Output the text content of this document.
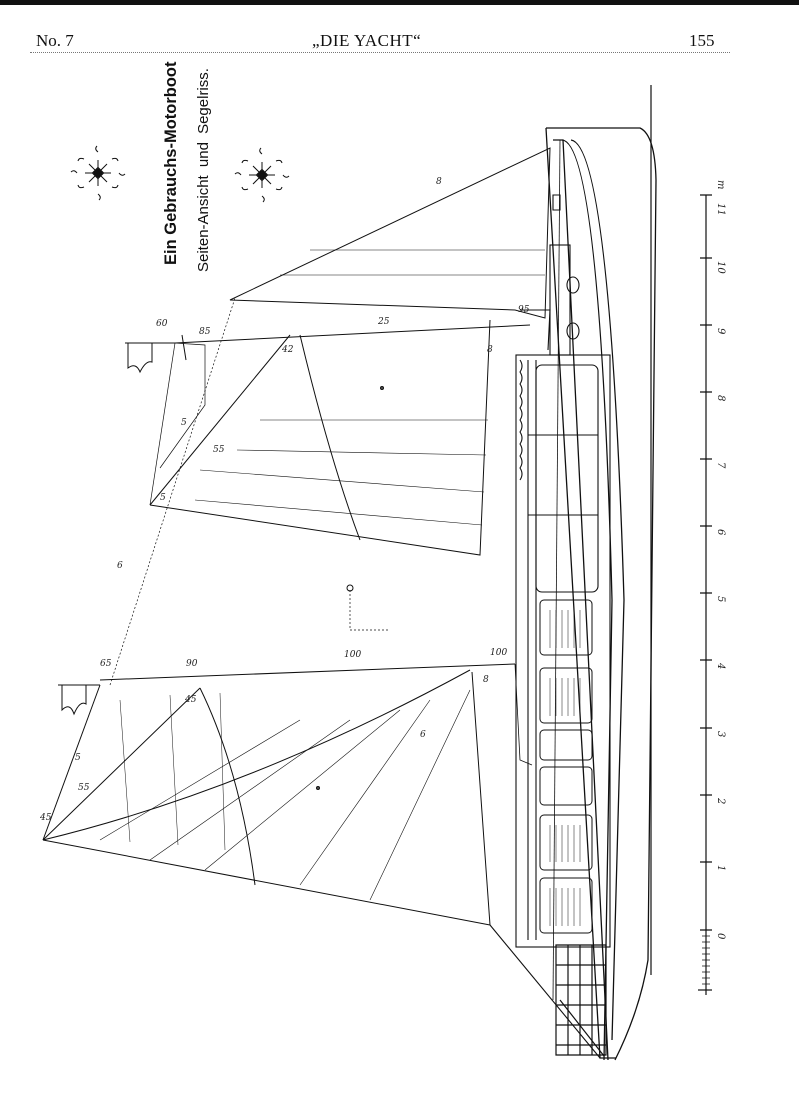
No. 7	„DIE YACHT“	155
Ein Gebrauchs-Motorboot	Seiten-Ansicht und Segelriss.
60
85
25
95
42	8
5
55
5
6
8
65	90
100	100
45
45
5
55
6
8
0
1
2
3
4
5
6
7
8
9
10
11
m
